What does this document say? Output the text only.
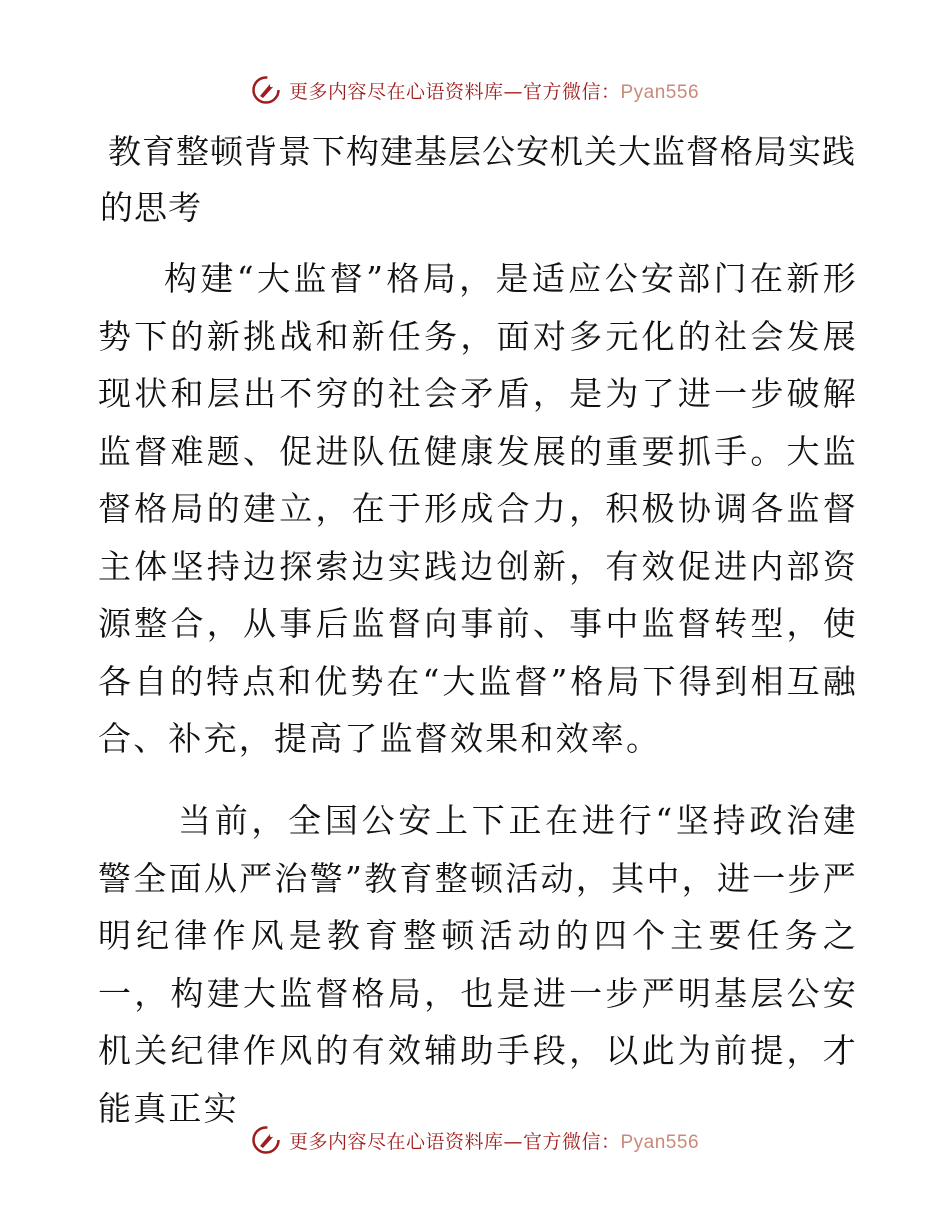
更多内容尽在心语资料库—官方微信：Pyan556
教育整顿背景下构建基层公安机关大监督格局实践的思考

构建“大监督”格局，是适应公安部门在新形势下的新挑战和新任务，面对多元化的社会发展现状和层出不穷的社会矛盾，是为了进一步破解监督难题、促进队伍健康发展的重要抓手。大监督格局的建立，在于形成合力，积极协调各监督主体坚持边探索边实践边创新，有效促进内部资源整合，从事后监督向事前、事中监督转型，使各自的特点和优势在“大监督”格局下得到相互融合、补充，提高了监督效果和效率。

当前，全国公安上下正在进行“坚持政治建警全面从严治警”教育整顿活动，其中，进一步严明纪律作风是教育整顿活动的四个主要任务之一，构建大监督格局，也是进一步严明基层公安机关纪律作风的有效辅助手段，以此为前提，才能真正实

更多内容尽在心语资料库—官方微信：Pyan556
